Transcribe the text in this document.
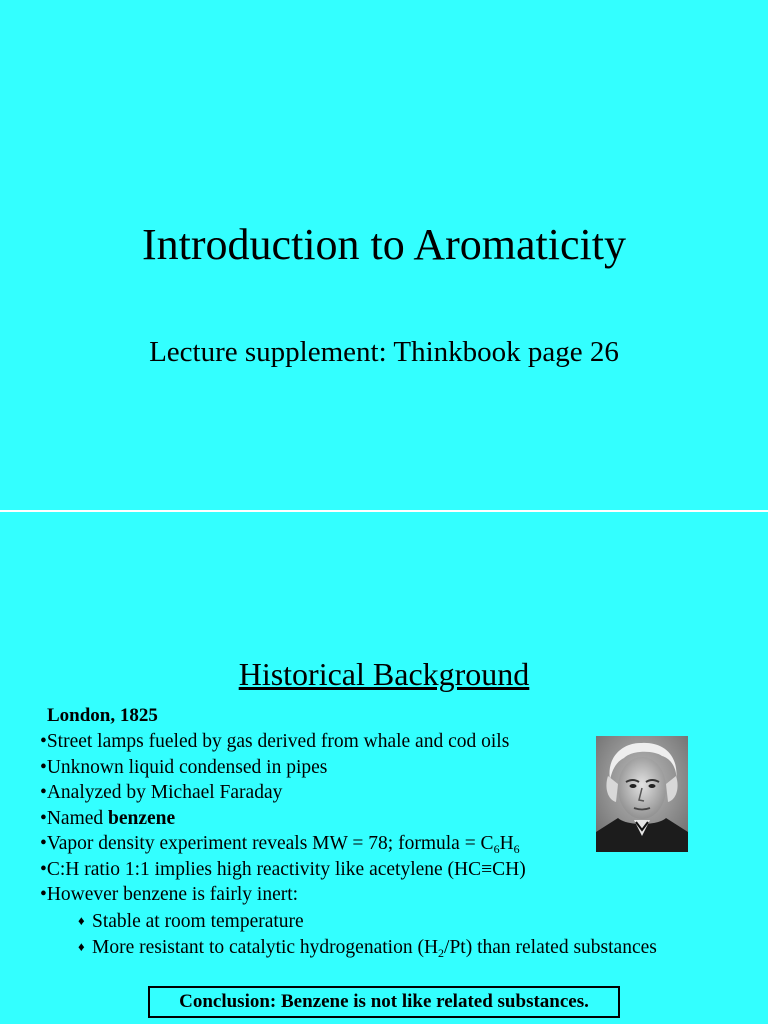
Introduction to Aromaticity
Lecture supplement: Thinkbook page 26
Historical Background
London, 1825
•Street lamps fueled by gas derived from whale and cod oils
•Unknown liquid condensed in pipes
•Analyzed by Michael Faraday
•Named benzene
•Vapor density experiment reveals MW = 78; formula = $C_6H_6$
•C:H ratio 1:1 implies high reactivity like acetylene (HC≡CH)
•However benzene is fairly inert:
♦ Stable at room temperature
♦ More resistant to catalytic hydrogenation $(H_2/Pt)$ than related substances
Conclusion: Benzene is not like related substances.
